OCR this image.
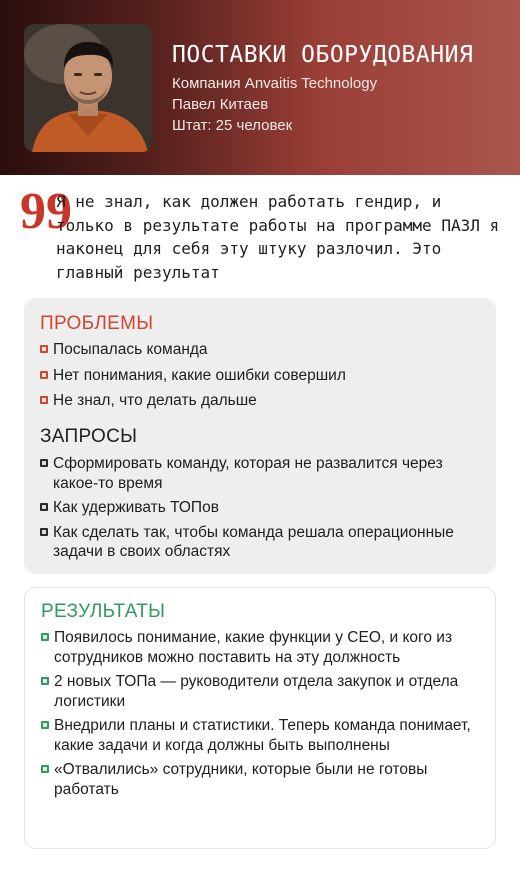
ПОСТАВКИ ОБОРУДОВАНИЯ
Компания Anvaitis Technology
Павел Китаев
Штат: 25 человек
99
Я не знал, как должен работать гендир, и только в результате работы на программе ПАЗЛ я наконец для себя эту штуку разлочил. Это главный результат
ПРОБЛЕМЫ
Посыпалась команда
Нет понимания, какие ошибки совершил
Не знал, что делать дальше
ЗАПРОСЫ
Сформировать команду, которая не развалится через какое-то время
Как удерживать ТОПов
Как сделать так, чтобы команда решала операционные задачи в своих областях
РЕЗУЛЬТАТЫ
Появилось понимание, какие функции у CEO, и кого из сотрудников можно поставить на эту должность
2 новых ТОПа — руководители отдела закупок и отдела логистики
Внедрили планы и статистики. Теперь команда понимает, какие задачи и когда должны быть выполнены
«Отвалились» сотрудники, которые были не готовы работать
